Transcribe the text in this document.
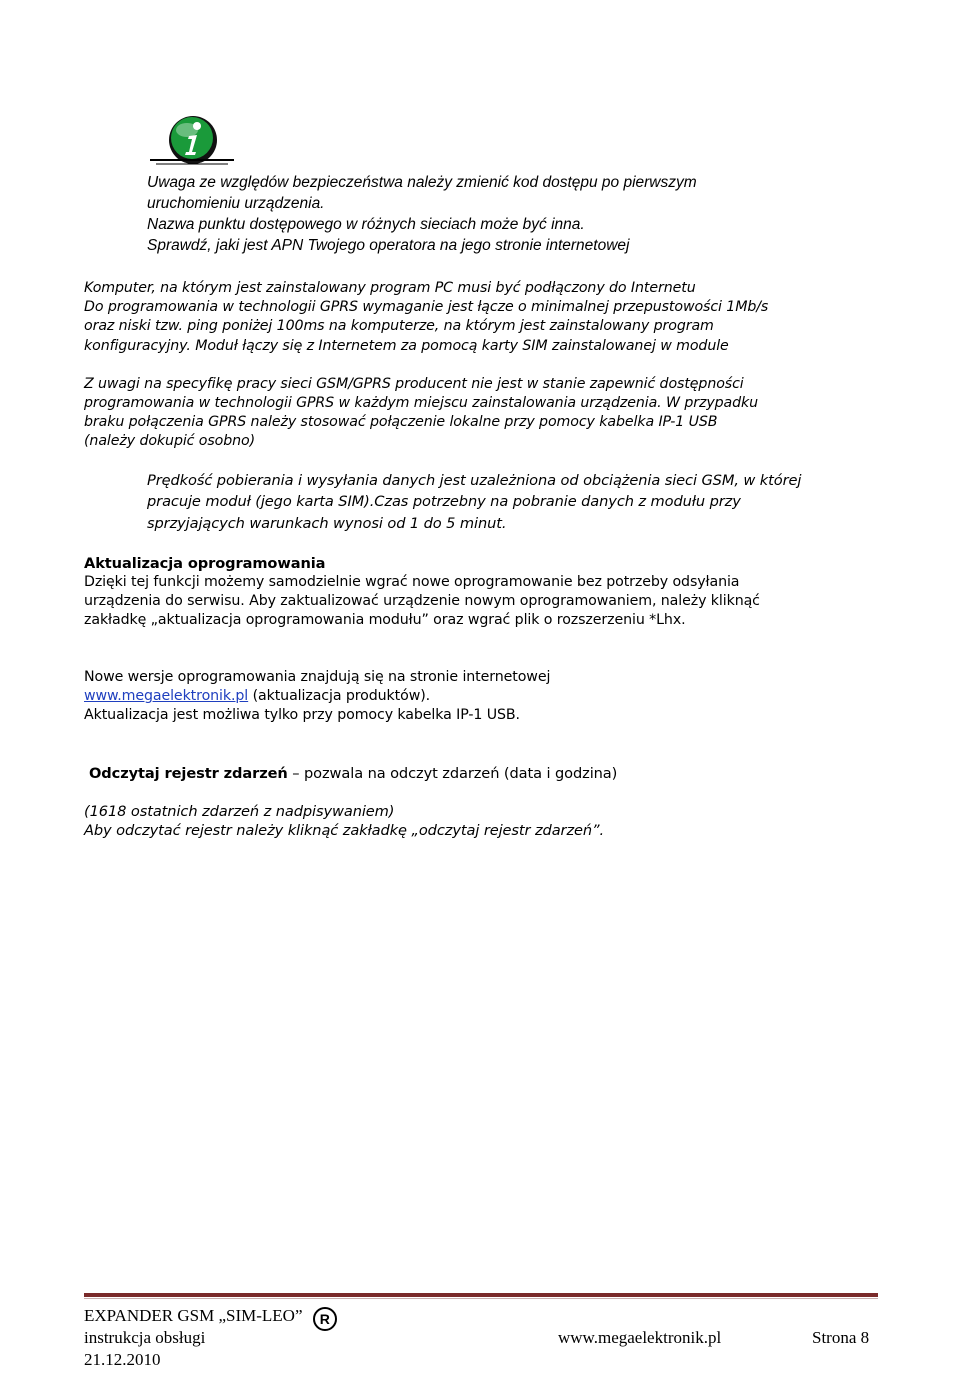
Uwaga ze względów bezpieczeństwa należy zmienić kod dostępu po pierwszym
uruchomieniu urządzenia.
Nazwa punktu dostępowego w różnych sieciach może być inna.
Sprawdź, jaki jest APN Twojego operatora na jego stronie internetowej
Komputer, na którym jest zainstalowany program PC musi być podłączony do Internetu
Do programowania w technologii GPRS wymaganie jest łącze o minimalnej przepustowości 1Mb/s
oraz niski tzw. ping poniżej 100ms na komputerze, na którym jest zainstalowany program
konfiguracyjny. Moduł łączy się z Internetem za pomocą karty SIM zainstalowanej w module
Z uwagi na specyfikę pracy sieci GSM/GPRS producent nie jest w stanie zapewnić dostępności
programowania w technologii GPRS w każdym miejscu zainstalowania urządzenia. W przypadku
braku połączenia GPRS należy stosować połączenie lokalne przy pomocy kabelka IP-1 USB
(należy dokupić osobno)
Prędkość pobierania i wysyłania danych jest uzależniona od obciążenia sieci GSM, w której
pracuje moduł (jego karta SIM).Czas potrzebny na pobranie danych z modułu przy
sprzyjających warunkach wynosi od 1 do 5 minut.
Aktualizacja oprogramowania
Dzięki tej funkcji możemy samodzielnie wgrać nowe oprogramowanie bez potrzeby odsyłania
urządzenia do serwisu. Aby zaktualizować urządzenie nowym oprogramowaniem, należy kliknąć
zakładkę „aktualizacja oprogramowania modułu” oraz wgrać plik o rozszerzeniu *Lhx.
Nowe wersje oprogramowania znajdują się na stronie internetowej
www.megaelektronik.pl (aktualizacja produktów).
Aktualizacja jest możliwa tylko przy pomocy kabelka IP-1 USB.
Odczytaj rejestr zdarzeń – pozwala na odczyt zdarzeń (data i godzina)
(1618 ostatnich zdarzeń z nadpisywaniem)
Aby odczytać rejestr należy kliknąć zakładkę „odczytaj rejestr zdarzeń”.
EXPANDER GSM „SIM-LEO” R
instrukcja obsługi	www.megaelektronik.pl	Strona 8
21.12.2010
